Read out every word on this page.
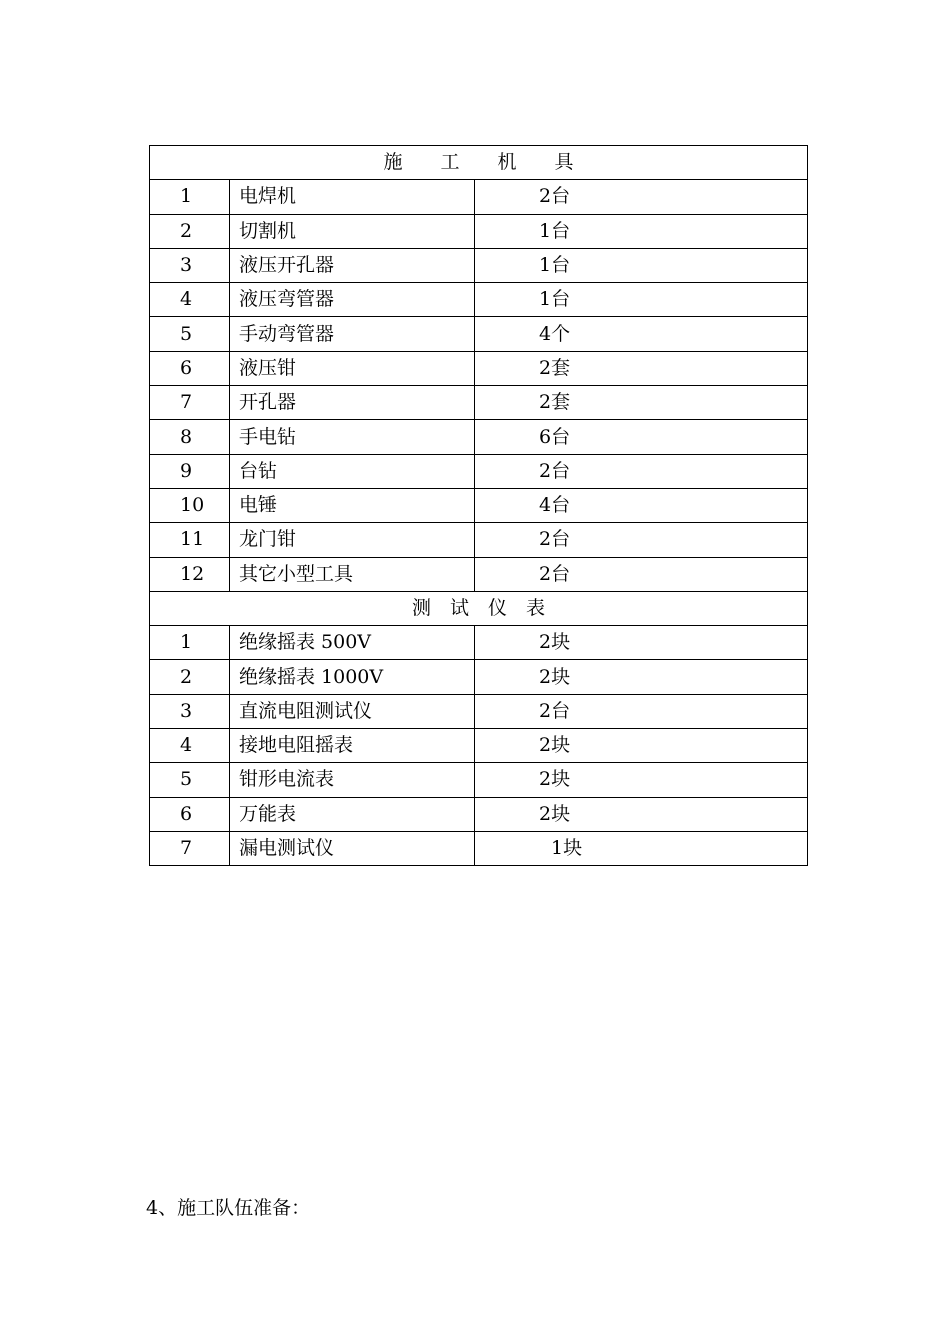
施　　工　　机　　具		
1	电焊机	2台
2	切割机	1台
3	液压开孔器	1台
4	液压弯管器	1台
5	手动弯管器	4个
6	液压钳	2套
7	开孔器	2套
8	手电钻	6台
9	台钻	2台
10	电锤	4台
11	龙门钳	2台
12	其它小型工具	2台
测　试　仪　表		
1	绝缘摇表 500V	2块
2	绝缘摇表 1000V	2块
3	直流电阻测试仪	2台
4	接地电阻摇表	2块
5	钳形电流表	2块
6	万能表	2块
7	漏电测试仪	1块
4、施工队伍准备：
